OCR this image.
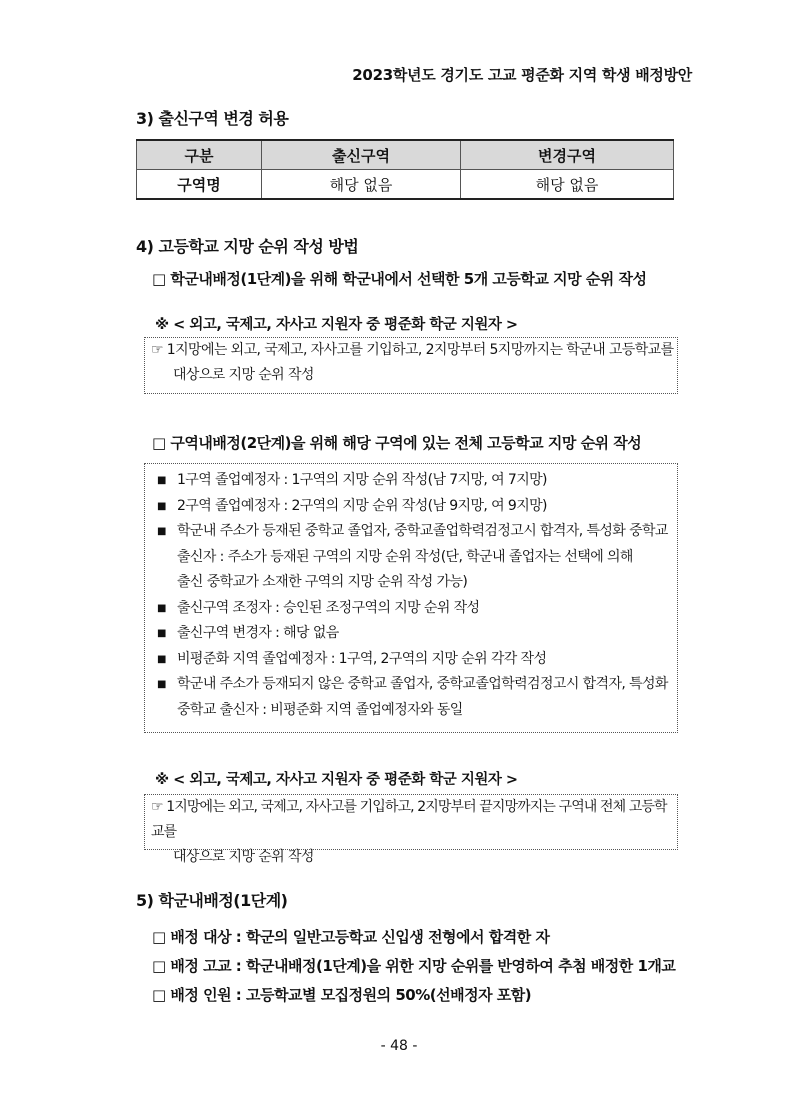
2023학년도 경기도 고교 평준화 지역 학생 배정방안
3) 출신구역 변경 허용
구분	출신구역	변경구역
구역명	해당 없음	해당 없음
4) 고등학교 지망 순위 작성 방법
□ 학군내배정(1단계)을 위해 학군내에서 선택한 5개 고등학교 지망 순위 작성
※ < 외고, 국제고, 자사고 지원자 중 평준화 학군 지원자 >

☞ 1지망에는 외고, 국제고, 자사고를 기입하고, 2지망부터 5지망까지는 학군내 고등학교를

대상으로 지망 순위 작성

□ 구역내배정(2단계)을 위해 해당 구역에 있는 전체 고등학교 지망 순위 작성
■ 1구역 졸업예정자 : 1구역의 지망 순위 작성(남 7지망, 여 7지망)
■ 2구역 졸업예정자 : 2구역의 지망 순위 작성(남 9지망, 여 9지망)
■ 학군내 주소가 등재된 중학교 졸업자, 중학교졸업학력검정고시 합격자, 특성화 중학교
출신자 : 주소가 등재된 구역의 지망 순위 작성(단, 학군내 졸업자는 선택에 의해
출신 중학교가 소재한 구역의 지망 순위 작성 가능)
■ 출신구역 조정자 : 승인된 조정구역의 지망 순위 작성
■ 출신구역 변경자 : 해당 없음
■ 비평준화 지역 졸업예정자 : 1구역, 2구역의 지망 순위 각각 작성
■ 학군내 주소가 등재되지 않은 중학교 졸업자, 중학교졸업학력검정고시 합격자, 특성화
중학교 출신자 : 비평준화 지역 졸업예정자와 동일
※ < 외고, 국제고, 자사고 지원자 중 평준화 학군 지원자 >

☞ 1지망에는 외고, 국제고, 자사고를 기입하고, 2지망부터 끝지망까지는 구역내 전체 고등학교를

대상으로 지망 순위 작성

5) 학군내배정(1단계)
□ 배정 대상 : 학군의 일반고등학교 신입생 전형에서 합격한 자
□ 배정 고교 : 학군내배정(1단계)을 위한 지망 순위를 반영하여 추첨 배정한 1개교
□ 배정 인원 : 고등학교별 모집정원의 50%(선배정자 포함)
- 48 -
